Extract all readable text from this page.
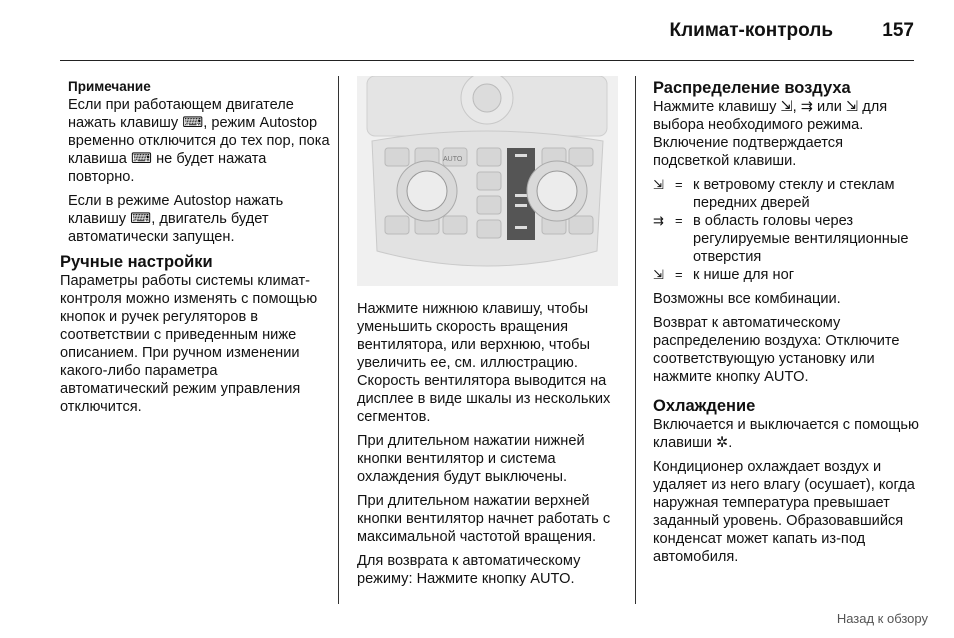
Климат-контроль	157
Примечание

Если при работающем двигателе нажать клавишу ⌨, режим Autostop временно отключится до тех пор, пока клавиша ⌨ не будет нажата повторно.

Если в режиме Autostop нажать клавишу ⌨, двигатель будет автоматически запущен.

Ручные настройки

Параметры работы системы климат-контроля можно изменять с помощью кнопок и ручек регуляторов в соответствии с приведенным ниже описанием. При ручном изменении какого-либо параметра автоматический режим управления отключится.

AUTO

Нажмите нижнюю клавишу, чтобы уменьшить скорость вращения вентилятора, или верхнюю, чтобы увеличить ее, см. иллюстрацию. Скорость вентилятора выводится на дисплее в виде шкалы из нескольких сегментов.

При длительном нажатии нижней кнопки вентилятор и система охлаждения будут выключены.

При длительном нажатии верхней кнопки вентилятор начнет работать с максимальной частотой вращения.

Для возврата к автоматическому режиму: Нажмите кнопку AUTO.

Распределение воздуха

Нажмите клавишу ⇲, ⇉ или ⇲ для выбора необходимого режима. Включение подтверждается подсветкой клавиши.

⇲ = к ветровому стеклу и стеклам передних дверей
⇉ = в область головы через регулируемые вентиляционные отверстия
⇲ = к нише для ног

Возможны все комбинации.

Возврат к автоматическому распределению воздуха: Отключите соответствующую установку или нажмите кнопку AUTO.

Охлаждение

Включается и выключается с помощью клавиши ✲.

Кондиционер охлаждает воздух и удаляет из него влагу (осушает), когда наружная температура превышает заданный уровень. Образовавшийся конденсат может капать из-под автомобиля.

Назад к обзору
